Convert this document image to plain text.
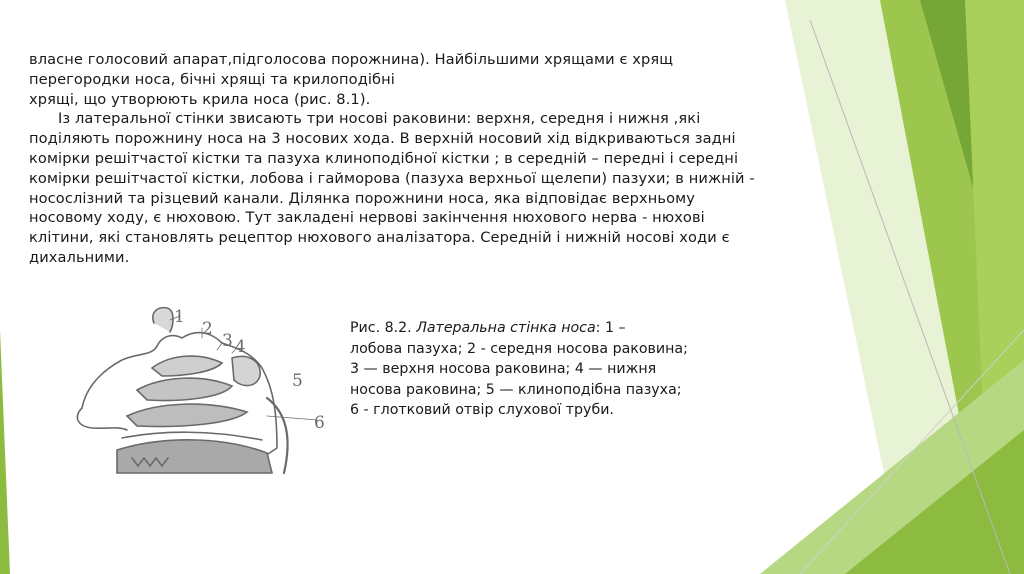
власне голосовий апарат,підголосова порожнина). Найбільшими хрящами є хрящ
перегородки носа, бічні хрящі та крилоподібні
хрящі, що утворюють крила носа (рис. 8.1).

Із латеральної стінки звисають три носові раковини: верхня, середня і нижня ,які
поділяють порожнину носа на 3 носових хода. В верхній носовий хід відкриваються задні
комірки решітчастої кістки та пазуха клиноподібної кістки ; в середній – передні і середні
комірки решітчастої кістки, лобова і гайморова (пазуха верхньої щелепи) пазухи; в нижній -
носослізний та різцевий канали. Ділянка порожнини носа, яка відповідає верхньому
носовому ходу, є нюховою. Тут закладені нервові закінчення нюхового нерва - нюхові
клітини, які становлять рецептор нюхового аналізатора. Середній і нижній носові ходи є
дихальними.

1
2
3 4
5
6
Рис. 8.2. Латеральна стінка носа: 1 –
лобова пазуха; 2 - середня носова раковина;
3 — верхня носова раковина; 4 — нижня
носова раковина; 5 — клиноподібна пазуха;
6 - глотковий отвір слухової труби.
